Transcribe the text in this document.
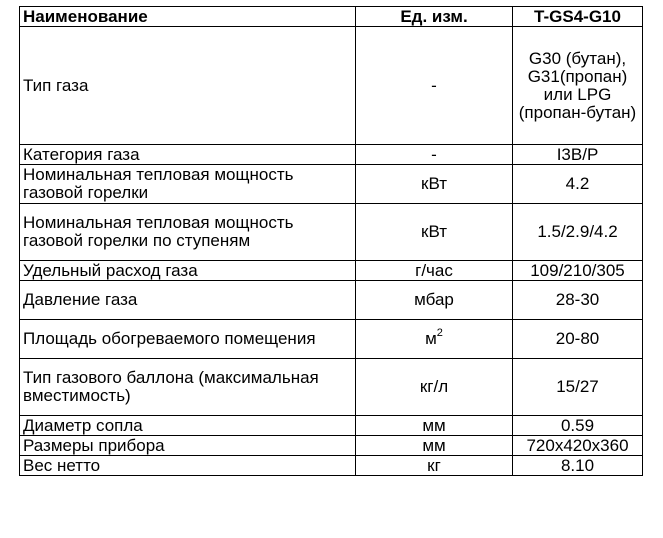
Наименование	Ед. изм.	T-GS4-G10
Тип газа	-	G30 (бутан), G31(пропан) или LPG (пропан-бутан)
Категория газа	-	I3B/P
Номинальная тепловая мощность газовой горелки	кВт	4.2
Номинальная тепловая мощность газовой горелки по ступеням	кВт	1.5/2.9/4.2
Удельный расход газа	г/час	109/210/305
Давление газа	мбар	28-30
Площадь обогреваемого помещения	$м^2$	20-80
Тип газового баллона (максимальная вместимость)	кг/л	15/27
Диаметр сопла	мм	0.59
Размеры прибора	мм	720x420x360
Вес нетто	кг	8.10
